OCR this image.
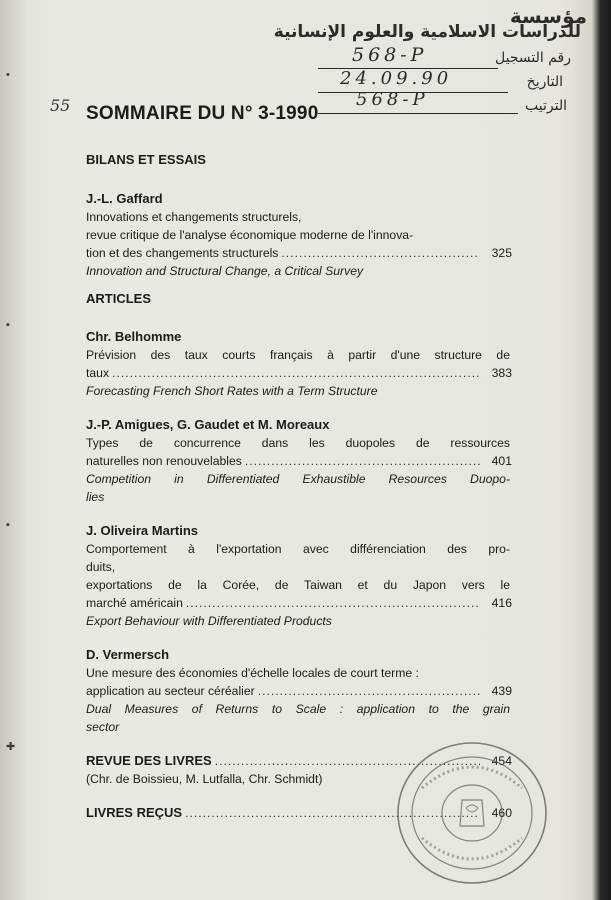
•
▪
▪
✚
مؤسسة
للدراسات الاسلامية والعلوم الإنسانية
رقم التسجيل
568-P
التاريخ
24.09.90
الترتيب
568-P
55 SOMMAIRE DU N° 3-1990
BILANS ET ESSAIS
J.-L. Gaffard
Innovations et changements structurels,
revue critique de l'analyse économique moderne de l'innova-
tion et des changements structurels .....	325
Innovation and Structural Change, a Critical Survey
ARTICLES
Chr. Belhomme
Prévision des taux courts français à partir d'une structure de
taux .....	383
Forecasting French Short Rates with a Term Structure
J.-P. Amigues, G. Gaudet et M. Moreaux
Types de concurrence dans les duopoles de ressources
naturelles non renouvelables .....	401
Competition in Differentiated Exhaustible Resources Duopo-
lies
J. Oliveira Martins
Comportement à l'exportation avec différenciation des pro-
duits,
exportations de la Corée, de Taiwan et du Japon vers le
marché américain .....	416
Export Behaviour with Differentiated Products
D. Vermersch
Une mesure des économies d'échelle locales de court terme :
application au secteur céréalier .....	439
Dual Measures of Returns to Scale : application to the grain
sector
REVUE DES LIVRES .....	454
(Chr. de Boissieu, M. Lutfalla, Chr. Schmidt)
LIVRES REÇUS .....	460
